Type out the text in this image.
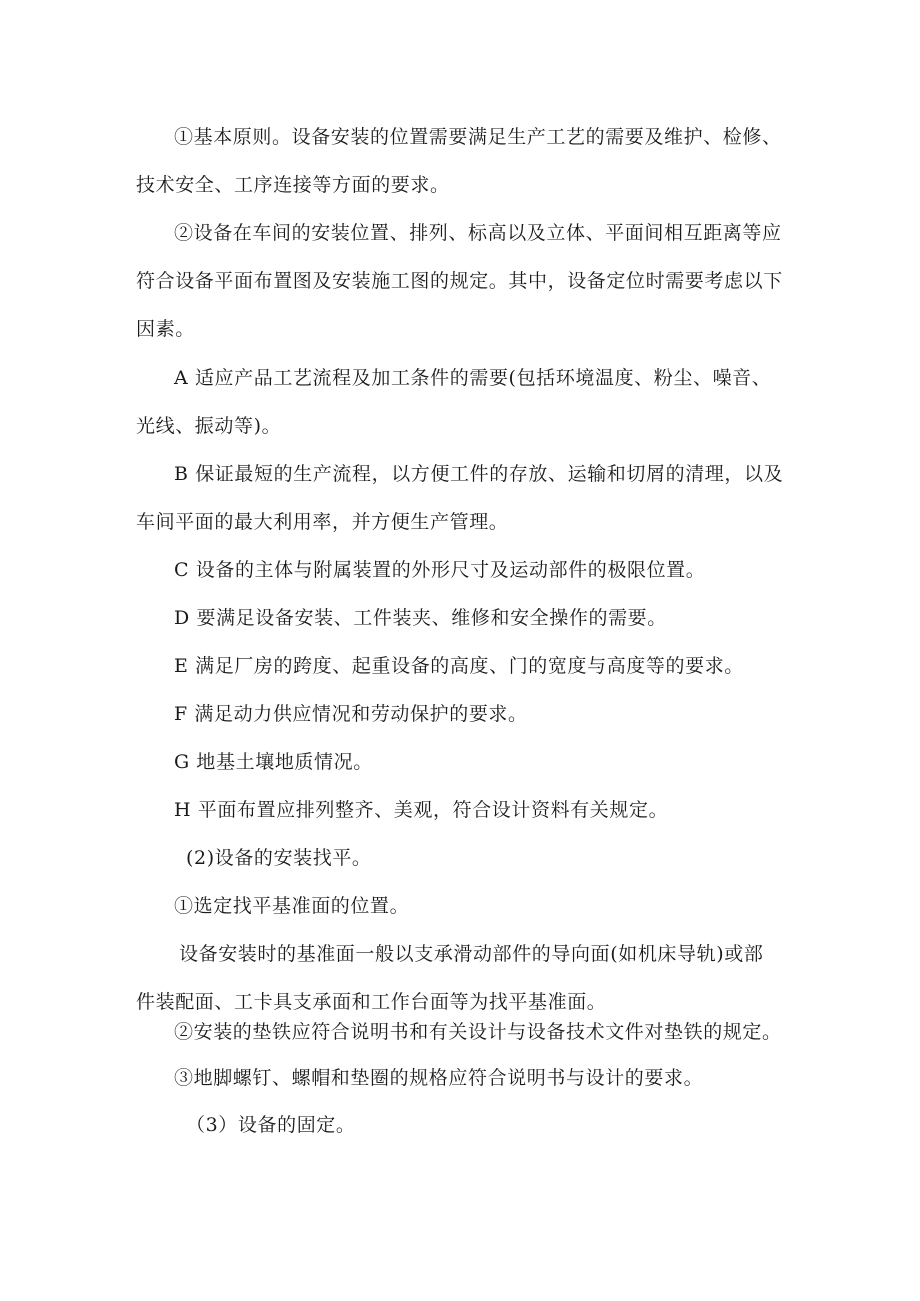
①基本原则。设备安装的位置需要满足生产工艺的需要及维护、检修、
技术安全、工序连接等方面的要求。
②设备在车间的安装位置、排列、标高以及立体、平面间相互距离等应
符合设备平面布置图及安装施工图的规定。其中，设备定位时需要考虑以下
因素。
A 适应产品工艺流程及加工条件的需要(包括环境温度、粉尘、噪音、
光线、振动等)。
B 保证最短的生产流程，以方便工件的存放、运输和切屑的清理，以及
车间平面的最大利用率，并方便生产管理。
C 设备的主体与附属装置的外形尺寸及运动部件的极限位置。
D 要满足设备安装、工件装夹、维修和安全操作的需要。
E 满足厂房的跨度、起重设备的高度、门的宽度与高度等的要求。
F 满足动力供应情况和劳动保护的要求。
G 地基土壤地质情况。
H 平面布置应排列整齐、美观，符合设计资料有关规定。
(2)设备的安装找平。
①选定找平基准面的位置。
设备安装时的基准面一般以支承滑动部件的导向面(如机床导轨)或部
件装配面、工卡具支承面和工作台面等为找平基准面。
②安装的垫铁应符合说明书和有关设计与设备技术文件对垫铁的规定。
③地脚螺钉、螺帽和垫圈的规格应符合说明书与设计的要求。
（3）设备的固定。
